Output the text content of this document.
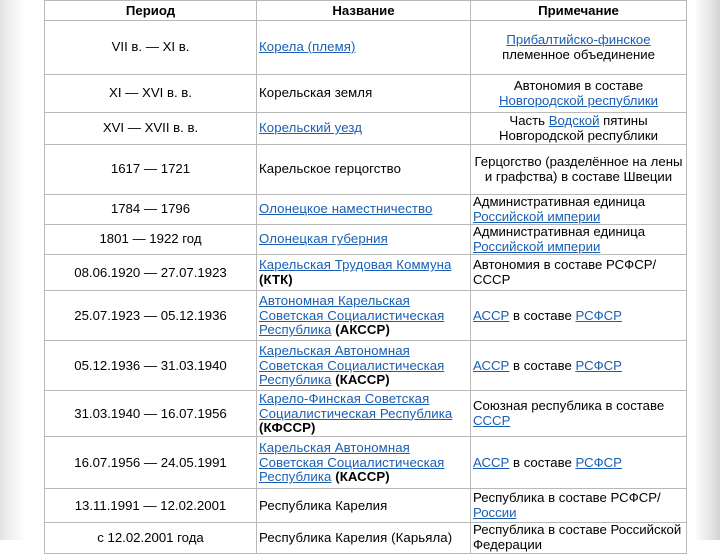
Период	Название	Примечание
VII в. — XI в.	Корела (племя)	Прибалтийско-финское племенное объединение
XI — XVI в. в.	Корельская земля	Автономия в составе Новгородской республики
XVI — XVII в. в.	Корельский уезд	Часть Водской пятины Новгородской республики
1617 — 1721	Карельское герцогство	Герцогство (разделённое на лены и графства) в составе Швеции
1784 — 1796	Олонецкое наместничество	Административная единица Российской империи
1801 — 1922 год	Олонецкая губерния	Административная единица Российской империи
08.06.1920 — 27.07.1923	Карельская Трудовая Коммуна (КТК)	Автономия в составе РСФСР/СССР
25.07.1923 — 05.12.1936	Автономная Карельская Советская Социалистическая Республика (АКССР)	АССР в составе РСФСР
05.12.1936 — 31.03.1940	Карельская Автономная Советская Социалистическая Республика (КАССР)	АССР в составе РСФСР
31.03.1940 — 16.07.1956	Карело-Финская Советская Социалистическая Республика (КФССР)	Союзная республика в составе СССР
16.07.1956 — 24.05.1991	Карельская Автономная Советская Социалистическая Республика (КАССР)	АССР в составе РСФСР
13.11.1991 — 12.02.2001	Республика Карелия	Республика в составе РСФСР/России
с 12.02.2001 года	Республика Карелия (Карьяла)	Республика в составе Российской Федерации
